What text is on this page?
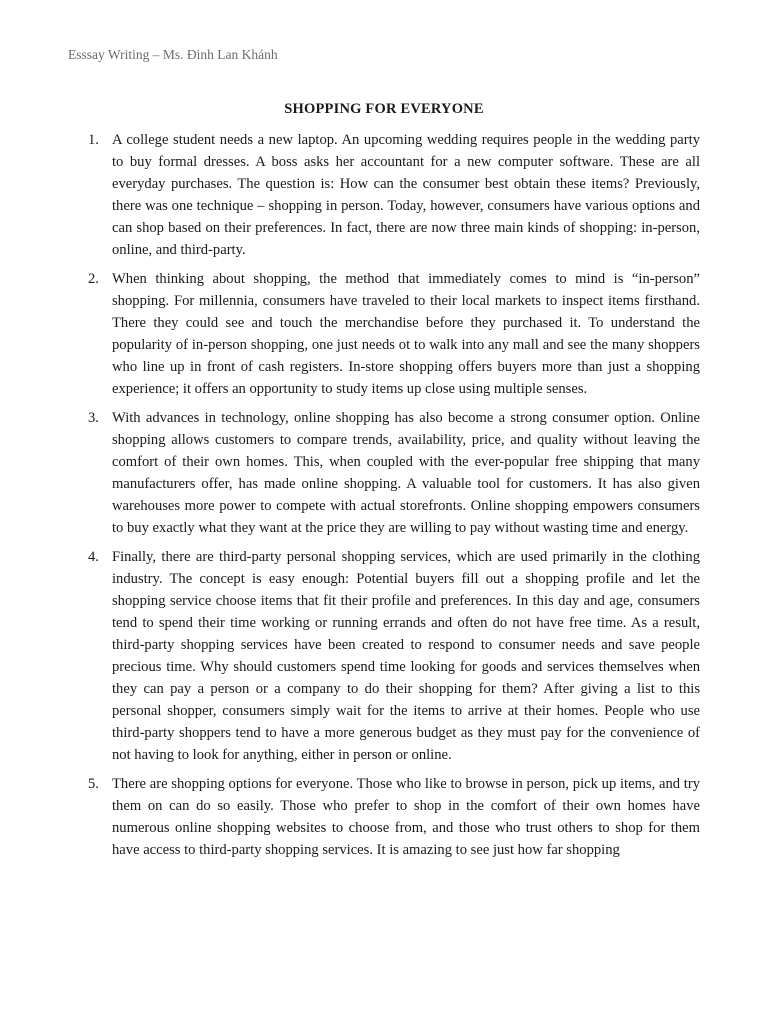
Esssay Writing – Ms. Đinh Lan Khánh
SHOPPING FOR EVERYONE
1. A college student needs a new laptop. An upcoming wedding requires people in the wedding party to buy formal dresses. A boss asks her accountant for a new computer software. These are all everyday purchases. The question is: How can the consumer best obtain these items? Previously, there was one technique – shopping in person. Today, however, consumers have various options and can shop based on their preferences. In fact, there are now three main kinds of shopping: in-person, online, and third-party.
2. When thinking about shopping, the method that immediately comes to mind is “in-person” shopping. For millennia, consumers have traveled to their local markets to inspect items firsthand. There they could see and touch the merchandise before they purchased it. To understand the popularity of in-person shopping, one just needs ot to walk into any mall and see the many shoppers who line up in front of cash registers. In-store shopping offers buyers more than just a shopping experience; it offers an opportunity to study items up close using multiple senses.
3. With advances in technology, online shopping has also become a strong consumer option. Online shopping allows customers to compare trends, availability, price, and quality without leaving the comfort of their own homes. This, when coupled with the ever-popular free shipping that many manufacturers offer, has made online shopping. A valuable tool for customers. It has also given warehouses more power to compete with actual storefronts. Online shopping empowers consumers to buy exactly what they want at the price they are willing to pay without wasting time and energy.
4. Finally, there are third-party personal shopping services, which are used primarily in the clothing industry. The concept is easy enough: Potential buyers fill out a shopping profile and let the shopping service choose items that fit their profile and preferences. In this day and age, consumers tend to spend their time working or running errands and often do not have free time. As a result, third-party shopping services have been created to respond to consumer needs and save people precious time. Why should customers spend time looking for goods and services themselves when they can pay a person or a company to do their shopping for them? After giving a list to this personal shopper, consumers simply wait for the items to arrive at their homes. People who use third-party shoppers tend to have a more generous budget as they must pay for the convenience of not having to look for anything, either in person or online.
5. There are shopping options for everyone. Those who like to browse in person, pick up items, and try them on can do so easily. Those who prefer to shop in the comfort of their own homes have numerous online shopping websites to choose from, and those who trust others to shop for them have access to third-party shopping services. It is amazing to see just how far shopping
